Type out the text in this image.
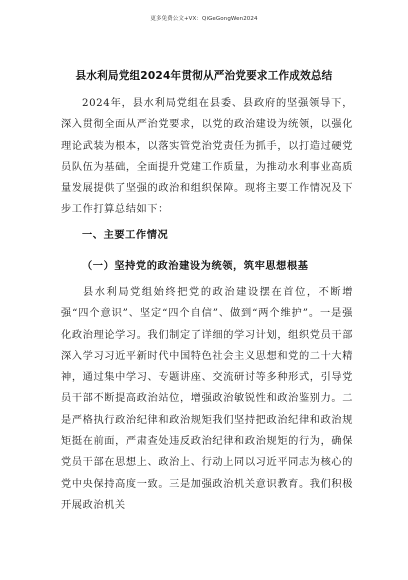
更多免费公文+VX：QiGeGongWen2024
县水利局党组2024年贯彻从严治党要求工作成效总结
2024年，县水利局党组在县委、县政府的坚强领导下，深入贯彻全面从严治党要求，以党的政治建设为统领，以强化理论武装为根本，以落实管党治党责任为抓手，以打造过硬党员队伍为基础，全面提升党建工作质量，为推动水利事业高质量发展提供了坚强的政治和组织保障。现将主要工作情况及下步工作打算总结如下：
一、主要工作情况
（一）坚持党的政治建设为统领，筑牢思想根基
县水利局党组始终把党的政治建设摆在首位，不断增强“四个意识”、坚定“四个自信”、做到“两个维护”。一是强化政治理论学习。我们制定了详细的学习计划，组织党员干部深入学习习近平新时代中国特色社会主义思想和党的二十大精神，通过集中学习、专题讲座、交流研讨等多种形式，引导党员干部不断提高政治站位，增强政治敏锐性和政治鉴别力。二是严格执行政治纪律和政治规矩我们坚持把政治纪律和政治规矩挺在前面，严肃查处违反政治纪律和政治规矩的行为，确保党员干部在思想上、政治上、行动上同以习近平同志为核心的党中央保持高度一致。三是加强政治机关意识教育。我们积极开展政治机关
